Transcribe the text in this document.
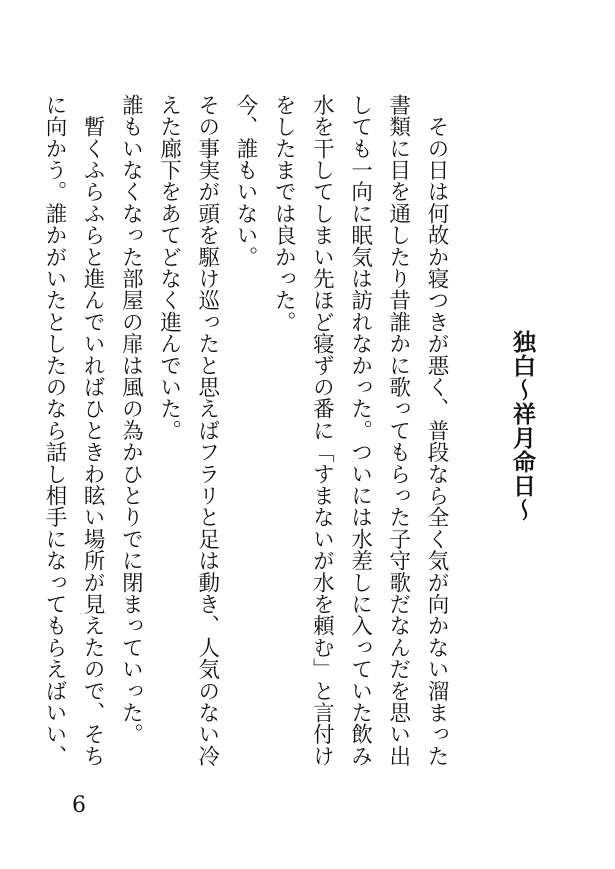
独白〜祥月命日〜
　その日は何故か寝つきが悪く、普段なら全く気が向かない溜まった
書類に目を通したり昔誰かに歌ってもらった子守歌だなんだを思い出
しても一向に眠気は訪れなかった。ついには水差しに入っていた飲み
水を干してしまい先ほど寝ずの番に「すまないが水を頼む」と言付け
をしたまでは良かった。
今、誰もいない。
その事実が頭を駆け巡ったと思えばフラリと足は動き、人気のない冷
えた廊下をあてどなく進んでいた。
誰もいなくなった部屋の扉は風の為かひとりでに閉まっていった。
　暫くふらふらと進んでいればひときわ眩い場所が見えたので、そち
に向かう。誰かがいたとしたのなら話し相手になってもらえばいい、
6
